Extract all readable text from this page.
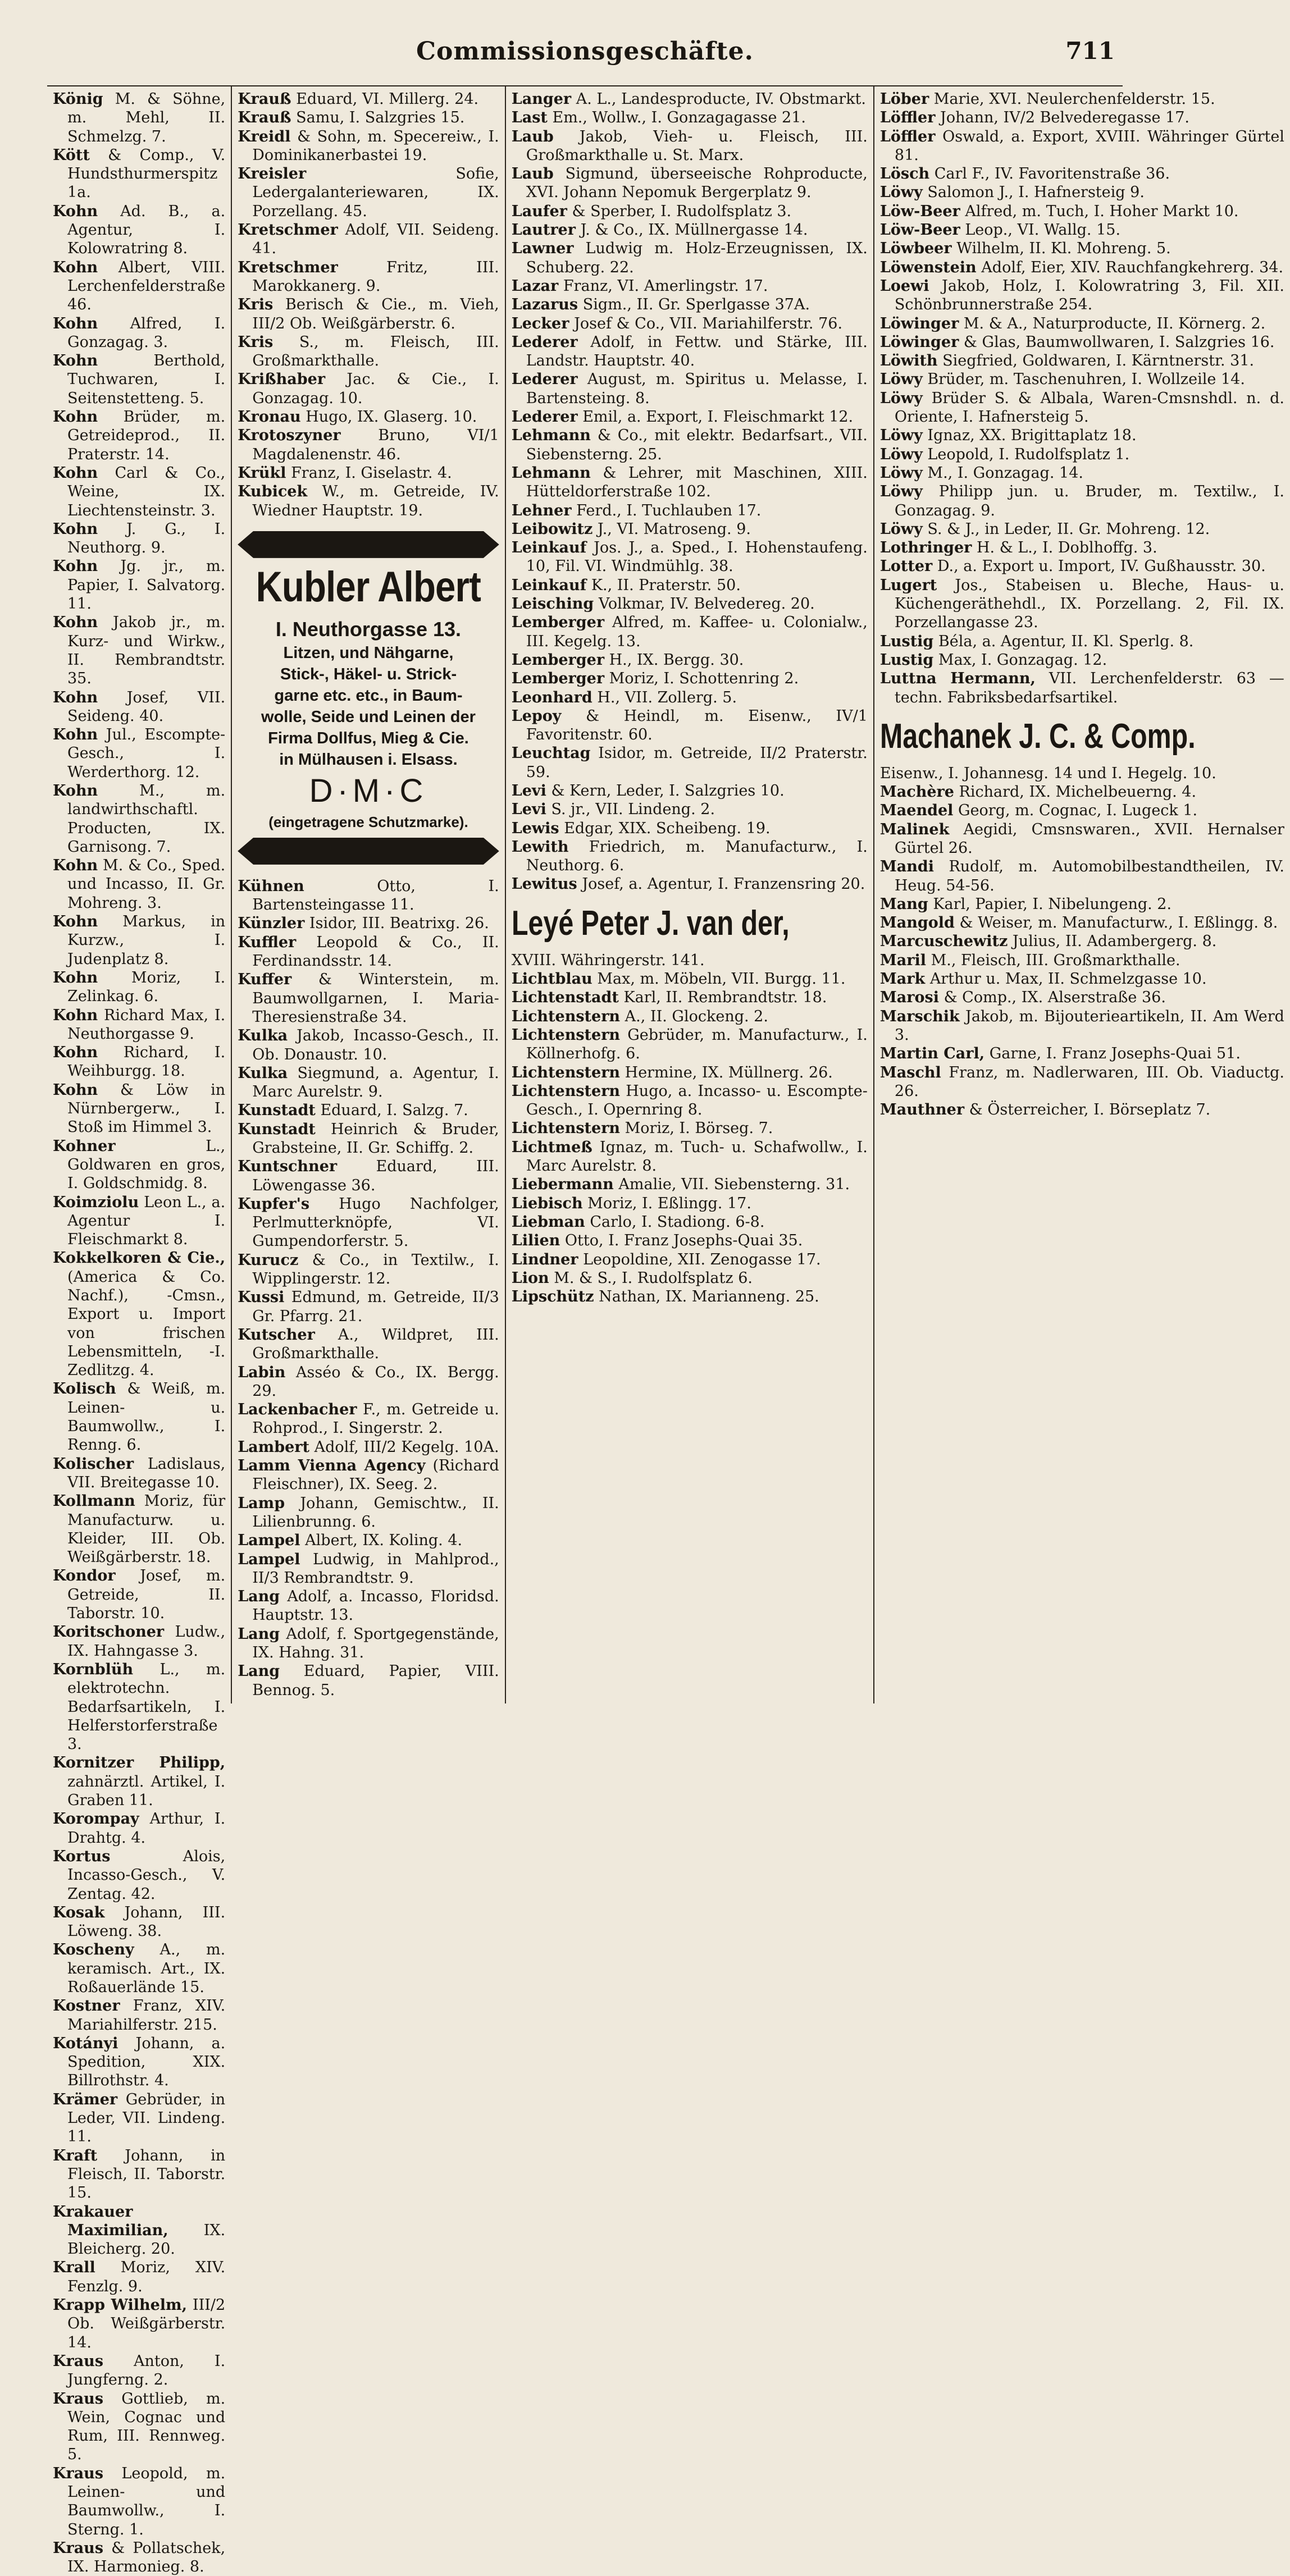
Commissionsgeschäfte.	711

König M. & Söhne, m. Mehl, II. Schmelzg. 7.

Kött & Comp., V. Hundsthurmerspitz 1a.

Kohn Ad. B., a. Agentur, I. Kolowratring 8.

Kohn Albert, VIII. Lerchenfelderstraße 46.

Kohn Alfred, I. Gonzagag. 3.

Kohn	Berthold, Tuchwaren, I. Seitenstetteng. 5.

Kohn Brüder, m. Getreideprod., II. Praterstr. 14.

Kohn Carl & Co., Weine, IX. Liechtensteinstr. 3.

Kohn J. G., I. Neuthorg. 9.

Kohn Jg. jr., m. Papier, I. Salvatorg. 11.

Kohn Jakob jr., m. Kurz- und Wirkw., II. Rembrandtstr. 35.

Kohn Josef, VII. Seideng. 40.

Kohn Jul., Escompte-Gesch., I. Werderthorg. 12.

Kohn	M., m. landwirthschaftl. Producten, IX. Garnisong. 7.

Kohn M. & Co., Sped. und Incasso, II. Gr. Mohreng. 3.

Kohn Markus, in Kurzw., I. Judenplatz 8.

Kohn Moriz, I. Zelinkag. 6.

Kohn Richard Max, I. Neuthorgasse 9.

Kohn Richard, I. Weihburgg. 18.

Kohn & Löw in Nürnbergerw., I. Stoß im Himmel 3.

Kohner	L., Goldwaren en gros, I. Goldschmidg. 8.

Koimziolu Leon L., a. Agentur I. Fleischmarkt 8.

Kokkelkoren & Cie., (America & Co. Nachf.), -Cmsn., Export u. Import von frischen Lebensmitteln, -I. Zedlitzg. 4.

Kolisch & Weiß, m. Leinen- u. Baumwollw., I. Renng. 6.

Kolischer Ladislaus, VII. Breitegasse 10.

Kollmann Moriz, für Manufacturw. u. Kleider, III. Ob. Weißgärberstr. 18.

Kondor Josef, m. Getreide, II. Taborstr. 10.

Koritschoner Ludw., IX. Hahngasse 3.

Kornblüh L., m. elektrotechn. Bedarfsartikeln, I. Helferstorferstraße 3.

Kornitzer Philipp, zahnärztl. Artikel, I. Graben 11.

Korompay Arthur, I. Drahtg. 4.

Kortus	Alois, Incasso-Gesch., V. Zentag. 42.

Kosak Johann, III. Löweng. 38.

Koscheny A., m. keramisch. Art., IX. Roßauerlände 15.

Kostner Franz, XIV. Mariahilferstr. 215.

Kotányi Johann, a. Spedition, XIX. Billrothstr. 4.

Krämer Gebrüder, in Leder, VII. Lindeng. 11.

Kraft Johann, in Fleisch, II. Taborstr. 15.

Krakauer Maximilian, IX. Bleicherg. 20.

Krall Moriz, XIV. Fenzlg. 9.

Krapp Wilhelm, III/2 Ob. Weißgärberstr. 14.

Kraus Anton, I. Jungferng. 2.

Kraus Gottlieb, m. Wein, Cognac und Rum, III. Rennweg. 5.

Kraus Leopold, m. Leinen- und Baumwollw., I. Sterng. 1.

Kraus & Pollatschek, IX. Harmonieg. 8.

Krauß Eduard, VI. Millerg. 24.

Krauß Samu, I. Salzgries 15.

Kreidl & Sohn, m. Specereiw., I. Dominikanerbastei 19.

Kreisler	Sofie, Ledergalanteriewaren, IX. Porzellang. 45.

Kretschmer Adolf, VII. Seideng. 41.

Kretschmer	Fritz, III. Marokkanerg. 9.

Kris Berisch & Cie., m. Vieh, III/2 Ob. Weißgärberstr. 6.

Kris S., m. Fleisch, III. Großmarkthalle.

Krißhaber Jac. & Cie., I. Gonzagag. 10.

Kronau Hugo, IX. Glaserg. 10.

Krotoszyner Bruno, VI/1 Magdalenenstr. 46.

Krükl Franz, I. Giselastr. 4.

Kubicek W., m. Getreide, IV. Wiedner Hauptstr. 19.

Kubler Albert

I. Neuthorgasse 13.

Litzen, und Nähgarne,

Stick-, Häkel- u. Strick-

garne etc. etc., in Baum-

wolle, Seide und Leinen der

Firma Dollfus, Mieg & Cie.

in Mülhausen i. Elsass.

D·M·C
(eingetragene Schutzmarke).

Kühnen	Otto, I. Bartensteingasse 11.

Künzler Isidor, III. Beatrixg. 26.

Kuffler Leopold & Co., II. Ferdinandsstr. 14.

Kuffer & Winterstein, m. Baumwollgarnen, I. Maria-Theresienstraße 34.

Kulka Jakob, Incasso-Gesch., II. Ob. Donaustr. 10.

Kulka Siegmund, a. Agentur, I. Marc Aurelstr. 9.

Kunstadt Eduard, I. Salzg. 7.

Kunstadt Heinrich & Bruder, Grabsteine, II. Gr. Schiffg. 2.

Kuntschner	Eduard, III. Löwengasse 36.

Kupfer's Hugo Nachfolger, Perlmutterknöpfe, VI. Gumpendorferstr. 5.

Kurucz & Co., in Textilw., I. Wipplingerstr. 12.

Kussi Edmund, m. Getreide, II/3 Gr. Pfarrg. 21.

Kutscher A., Wildpret, III. Großmarkthalle.

Labin Asséo & Co., IX. Bergg. 29.

Lackenbacher F., m. Getreide u. Rohprod., I. Singerstr. 2.

Lambert Adolf, III/2 Kegelg. 10A.

Lamm Vienna Agency (Richard Fleischner), IX. Seeg. 2.

Lamp Johann, Gemischtw., II. Lilienbrunng. 6.

Lampel Albert, IX. Koling. 4.

Lampel Ludwig, in Mahlprod., II/3 Rembrandtstr. 9.

Lang Adolf, a. Incasso, Floridsd. Hauptstr. 13.

Lang Adolf, f. Sportgegenstände, IX. Hahng. 31.

Lang Eduard, Papier, VIII. Bennog. 5.

Langer A. L., Landesproducte, IV. Obstmarkt.

Last Em., Wollw., I. Gonzagagasse 21.

Laub Jakob, Vieh- u. Fleisch, III. Großmarkthalle u. St. Marx.

Laub Sigmund, überseeische Rohproducte, XVI. Johann Nepomuk Bergerplatz 9.

Laufer & Sperber, I. Rudolfsplatz 3.

Lautrer J. & Co., IX. Müllnergasse 14.

Lawner Ludwig m. Holz-Erzeugnissen, IX. Schuberg. 22.

Lazar Franz, VI. Amerlingstr. 17.

Lazarus Sigm., II. Gr. Sperlgasse 37A.

Lecker Josef & Co., VII. Mariahilferstr. 76.

Lederer Adolf, in Fettw. und Stärke, III. Landstr. Hauptstr. 40.

Lederer August, m. Spiritus u. Melasse, I. Bartensteing. 8.

Lederer Emil, a. Export, I. Fleischmarkt 12.

Lehmann & Co., mit elektr. Bedarfsart., VII. Siebensterng. 25.

Lehmann & Lehrer, mit Maschinen, XIII. Hütteldorferstraße 102.

Lehner Ferd., I. Tuchlauben 17.

Leibowitz J., VI. Matroseng. 9.

Leinkauf Jos. J., a. Sped., I. Hohenstaufeng. 10, Fil. VI. Windmühlg. 38.

Leinkauf K., II. Praterstr. 50.

Leisching Volkmar, IV. Belvedereg. 20.

Lemberger Alfred, m. Kaffee- u. Colonialw., III. Kegelg. 13.

Lemberger H., IX. Bergg. 30.

Lemberger Moriz, I. Schottenring 2.

Leonhard H., VII. Zollerg. 5.

Lepoy & Heindl, m. Eisenw., IV/1 Favoritenstr. 60.

Leuchtag Isidor, m. Getreide, II/2 Praterstr. 59.

Levi & Kern, Leder, I. Salzgries 10.

Levi S. jr., VII. Lindeng. 2.

Lewis Edgar, XIX. Scheibeng. 19.

Lewith Friedrich, m. Manufacturw., I. Neuthorg. 6.

Lewitus Josef, a. Agentur, I. Franzensring 20.

Leyé Peter J. van der,

XVIII. Währingerstr. 141.

Lichtblau Max, m. Möbeln, VII. Burgg. 11.

Lichtenstadt Karl, II. Rembrandtstr. 18.

Lichtenstern A., II. Glockeng. 2.

Lichtenstern Gebrüder, m. Manufacturw., I. Köllnerhofg. 6.

Lichtenstern Hermine, IX. Müllnerg. 26.

Lichtenstern Hugo, a. Incasso- u. Escompte-Gesch., I. Opernring 8.

Lichtenstern Moriz, I. Börseg. 7.

Lichtmeß Ignaz, m. Tuch- u. Schafwollw., I. Marc Aurelstr. 8.

Liebermann Amalie, VII. Siebensterng. 31.

Liebisch Moriz, I. Eßlingg. 17.

Liebman Carlo, I. Stadiong. 6-8.

Lilien Otto, I. Franz Josephs-Quai 35.

Lindner Leopoldine, XII. Zenogasse 17.

Lion M. & S., I. Rudolfsplatz 6.

Lipschütz Nathan, IX. Marianneng. 25.

Löber Marie, XVI. Neulerchenfelderstr. 15.

Löffler Johann, IV/2 Belvederegasse 17.

Löffler Oswald, a. Export, XVIII. Währinger Gürtel 81.

Lösch Carl F., IV. Favoritenstraße 36.

Löwy Salomon J., I. Hafnersteig 9.

Löw-Beer Alfred, m. Tuch, I. Hoher Markt 10.

Löw-Beer Leop., VI. Wallg. 15.

Löwbeer Wilhelm, II. Kl. Mohreng. 5.

Löwenstein Adolf, Eier, XIV. Rauchfangkehrerg. 34.

Loewi Jakob, Holz, I. Kolowratring 3, Fil. XII. Schönbrunnerstraße 254.

Löwinger M. & A., Naturproducte, II. Körnerg. 2.

Löwinger & Glas, Baumwollwaren, I. Salzgries 16.

Löwith Siegfried, Goldwaren, I. Kärntnerstr. 31.

Löwy Brüder, m. Taschenuhren, I. Wollzeile 14.

Löwy Brüder S. & Albala, Waren-Cmsnshdl. n. d. Oriente, I. Hafnersteig 5.

Löwy Ignaz, XX. Brigittaplatz 18.

Löwy Leopold, I. Rudolfsplatz 1.

Löwy M., I. Gonzagag. 14.

Löwy Philipp jun. u. Bruder, m. Textilw., I. Gonzagag. 9.

Löwy S. & J., in Leder, II. Gr. Mohreng. 12.

Lothringer H. & L., I. Doblhoffg. 3.

Lotter D., a. Export u. Import, IV. Gußhausstr. 30.

Lugert Jos., Stabeisen u. Bleche, Haus- u. Küchengeräthehdl., IX. Porzellang. 2, Fil. IX. Porzellangasse 23.

Lustig Béla, a. Agentur, II. Kl. Sperlg. 8.

Lustig Max, I. Gonzagag. 12.

Luttna Hermann, VII. Lerchenfelderstr. 63 — techn. Fabriksbedarfsartikel.

Machanek J. C. & Comp.

Eisenw., I. Johannesg. 14 und I. Hegelg. 10.

Machère Richard, IX. Michelbeuerng. 4.

Maendel Georg, m. Cognac, I. Lugeck 1.

Malinek Aegidi, Cmsnswaren., XVII. Hernalser Gürtel 26.

Mandi Rudolf, m. Automobilbestandtheilen, IV. Heug. 54-56.

Mang Karl, Papier, I. Nibelungeng. 2.

Mangold & Weiser, m. Manufacturw., I. Eßlingg. 8.

Marcuschewitz Julius, II. Adambergerg. 8.

Maril M., Fleisch, III. Großmarkthalle.

Mark Arthur u. Max, II. Schmelzgasse 10.

Marosi & Comp., IX. Alserstraße 36.

Marschik Jakob, m. Bijouterieartikeln, II. Am Werd 3.

Martin Carl, Garne, I. Franz Josephs-Quai 51.

Maschl Franz, m. Nadlerwaren, III. Ob. Viaductg. 26.

Mauthner & Österreicher, I. Börseplatz 7.
